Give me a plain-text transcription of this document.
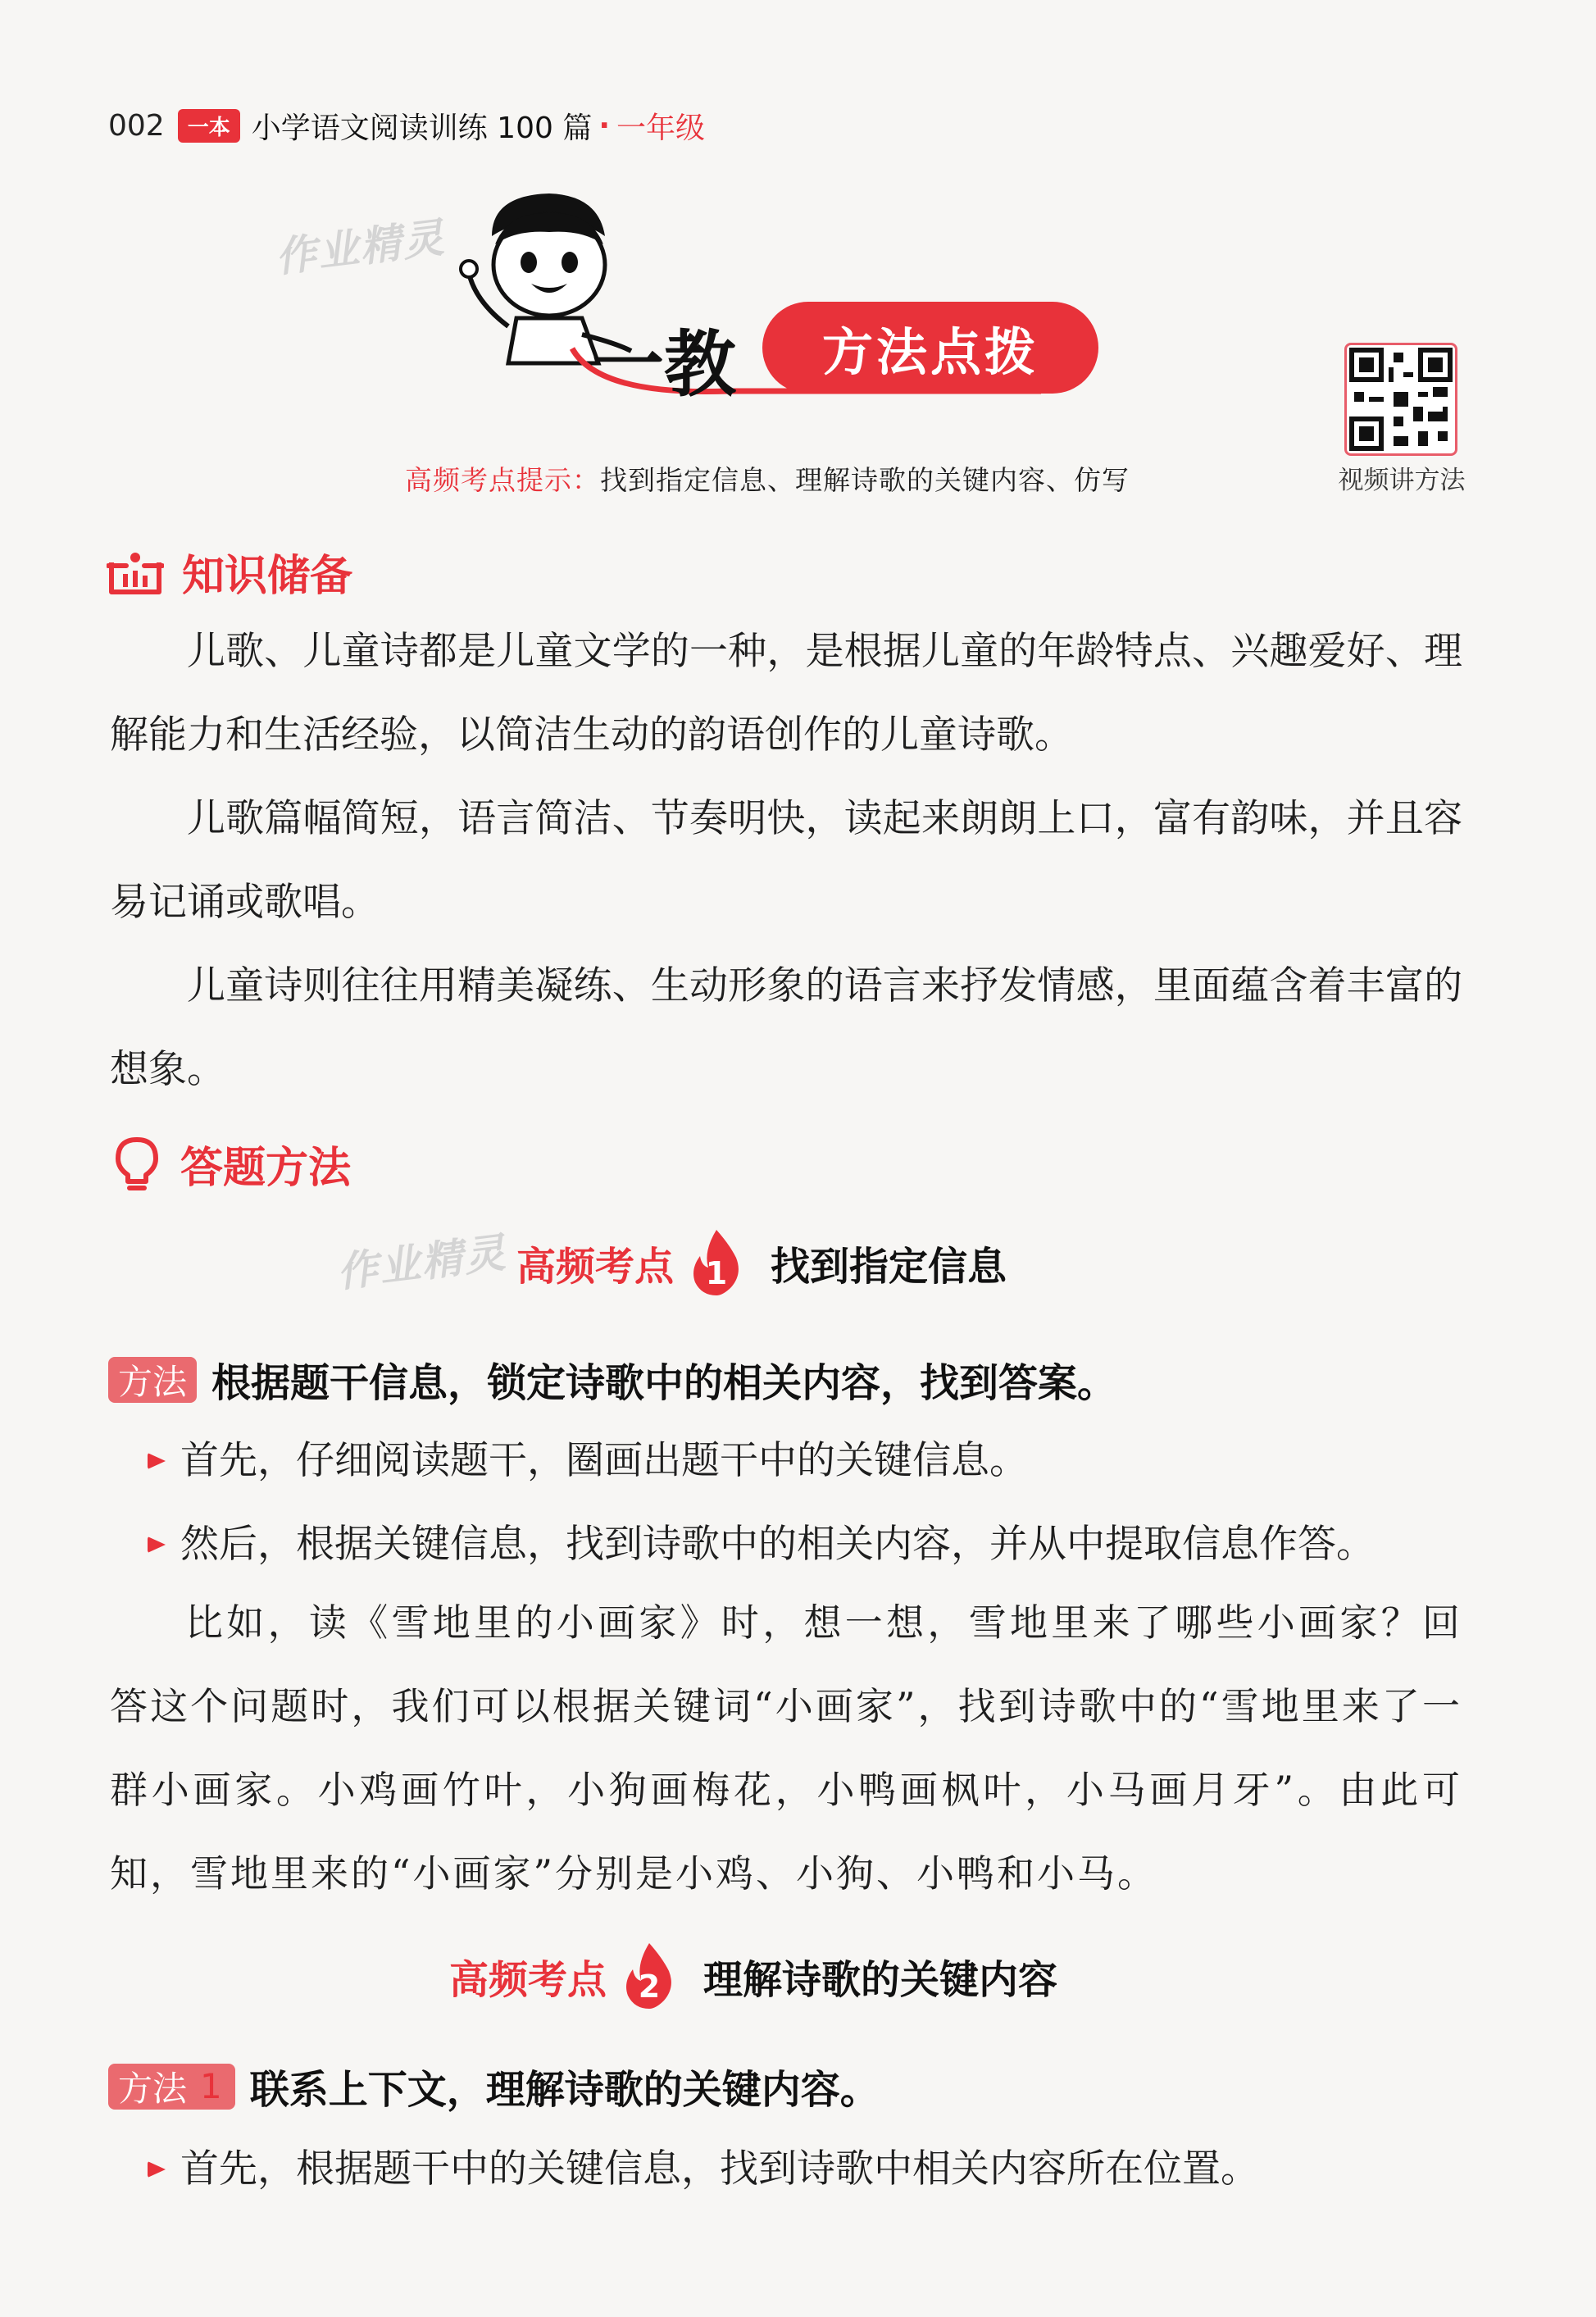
002	一本 小学语文阅读训练 100 篇 · 一年级
作业精灵
作业精灵
一教	方法点拨
视频讲方法
高频考点提示：找到指定信息、理解诗歌的关键内容、仿写
知识储备
儿歌、儿童诗都是儿童文学的一种，是根据儿童的年龄特点、兴趣爱好、理解能力和生活经验，以简洁生动的韵语创作的儿童诗歌。
儿歌篇幅简短，语言简洁、节奏明快，读起来朗朗上口，富有韵味，并且容易记诵或歌唱。
儿童诗则往往用精美凝练、生动形象的语言来抒发情感，里面蕴含着丰富的想象。
答题方法
高频考点 1 找到指定信息
方法 根据题干信息，锁定诗歌中的相关内容，找到答案。
首先，仔细阅读题干，圈画出题干中的关键信息。
然后，根据关键信息，找到诗歌中的相关内容，并从中提取信息作答。
比如，读《雪地里的小画家》时，想一想，雪地里来了哪些小画家？回答这个问题时，我们可以根据关键词“小画家”，找到诗歌中的“雪地里来了一群小画家。小鸡画竹叶，小狗画梅花，小鸭画枫叶，小马画月牙”。由此可知，雪地里来的“小画家”分别是小鸡、小狗、小鸭和小马。
高频考点 2 理解诗歌的关键内容
方法 1 联系上下文，理解诗歌的关键内容。
首先，根据题干中的关键信息，找到诗歌中相关内容所在位置。
